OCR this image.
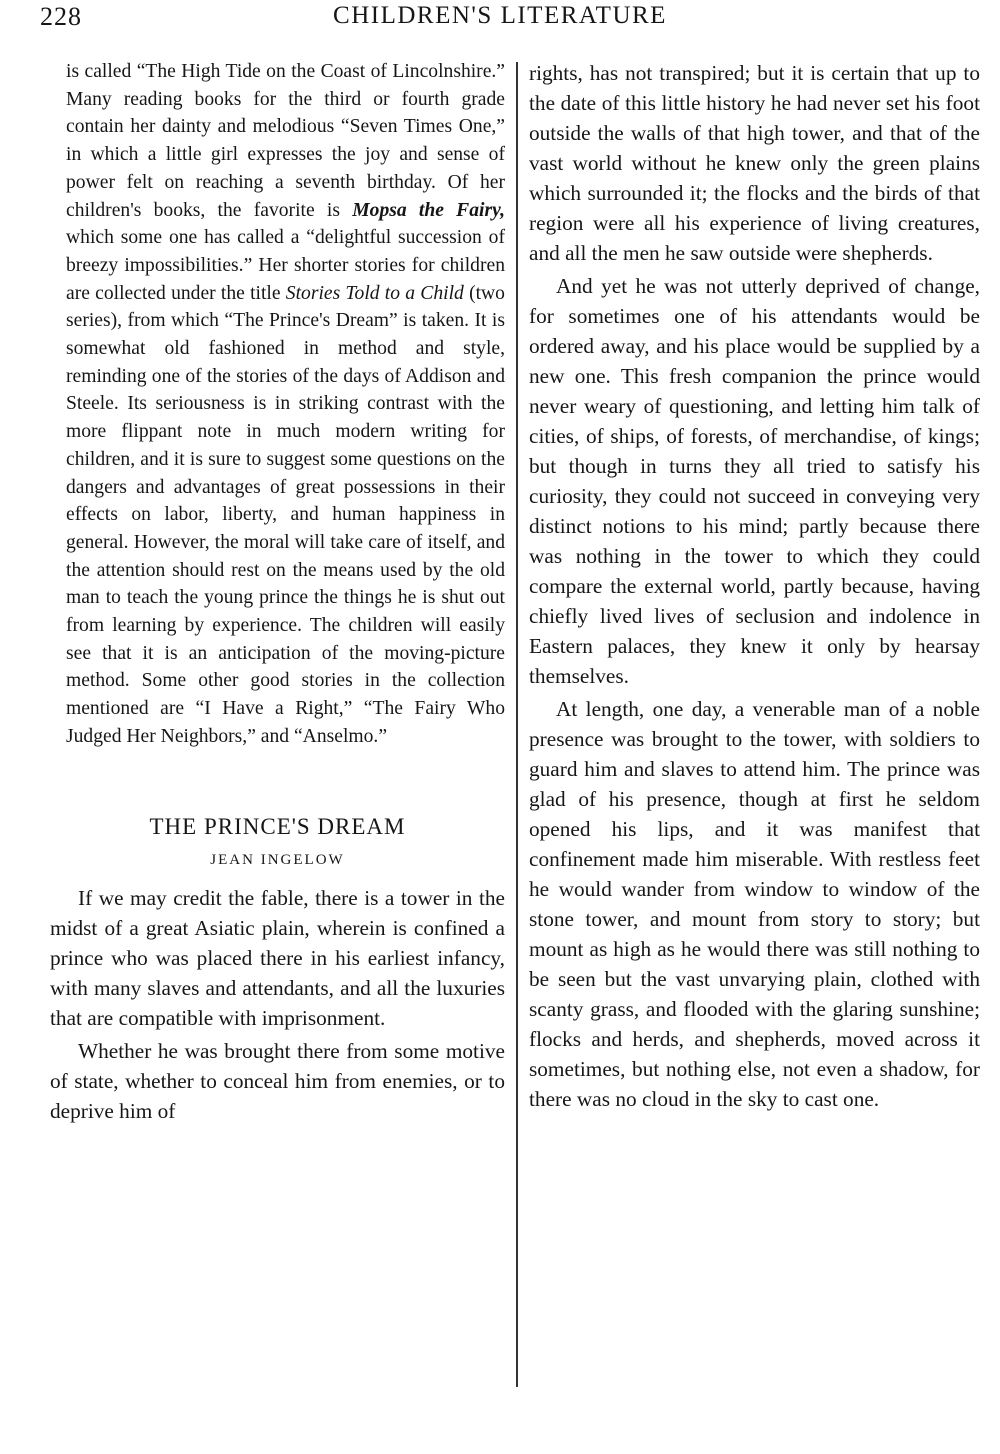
228	CHILDREN'S LITERATURE

is called “The High Tide on the Coast of Lincolnshire.” Many reading books for the third or fourth grade contain her dainty and melodious “Seven Times One,” in which a little girl expresses the joy and sense of power felt on reaching a seventh birthday. Of her children's books, the favorite is Mopsa the Fairy, which some one has called a “delightful succession of breezy impossibilities.” Her shorter stories for children are collected under the title Stories Told to a Child (two series), from which “The Prince's Dream” is taken. It is somewhat old fashioned in method and style, reminding one of the stories of the days of Addison and Steele. Its seriousness is in striking contrast with the more flippant note in much modern writing for children, and it is sure to suggest some questions on the dangers and advantages of great possessions in their effects on labor, liberty, and human happiness in general. However, the moral will take care of itself, and the attention should rest on the means used by the old man to teach the young prince the things he is shut out from learning by experience. The children will easily see that it is an anticipation of the moving-picture method. Some other good stories in the collection mentioned are “I Have a Right,” “The Fairy Who Judged Her Neighbors,” and “Anselmo.”

THE PRINCE'S DREAM
JEAN INGELOW

If we may credit the fable, there is a tower in the midst of a great Asiatic plain, wherein is confined a prince who was placed there in his earliest infancy, with many slaves and attendants, and all the luxuries that are compatible with imprisonment.

Whether he was brought there from some motive of state, whether to conceal him from enemies, or to deprive him of

rights, has not transpired; but it is certain that up to the date of this little history he had never set his foot outside the walls of that high tower, and that of the vast world without he knew only the green plains which surrounded it; the flocks and the birds of that region were all his experience of living creatures, and all the men he saw outside were shepherds.

And yet he was not utterly deprived of change, for sometimes one of his attendants would be ordered away, and his place would be supplied by a new one. This fresh companion the prince would never weary of questioning, and letting him talk of cities, of ships, of forests, of merchandise, of kings; but though in turns they all tried to satisfy his curiosity, they could not succeed in conveying very distinct notions to his mind; partly because there was nothing in the tower to which they could compare the external world, partly because, having chiefly lived lives of seclusion and indolence in Eastern palaces, they knew it only by hearsay themselves.

At length, one day, a venerable man of a noble presence was brought to the tower, with soldiers to guard him and slaves to attend him. The prince was glad of his presence, though at first he seldom opened his lips, and it was manifest that confinement made him miserable. With restless feet he would wander from window to window of the stone tower, and mount from story to story; but mount as high as he would there was still nothing to be seen but the vast unvarying plain, clothed with scanty grass, and flooded with the glaring sunshine; flocks and herds, and shepherds, moved across it sometimes, but nothing else, not even a shadow, for there was no cloud in the sky to cast one.
